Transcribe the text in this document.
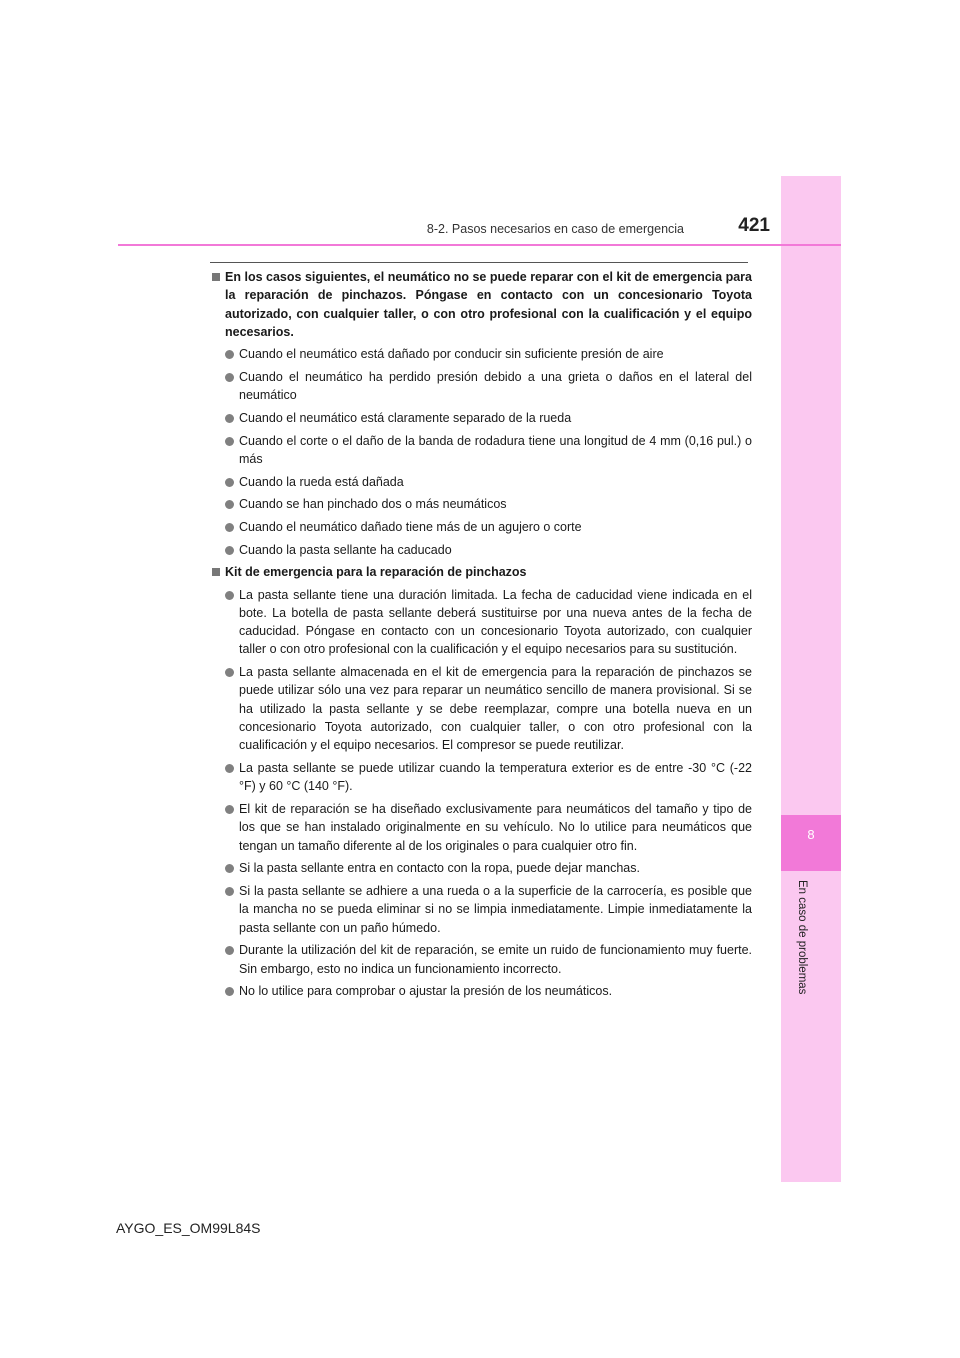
8
En caso de problemas
8-2. Pasos necesarios en caso de emergencia	421
En los casos siguientes, el neumático no se puede reparar con el kit de emergencia para la reparación de pinchazos. Póngase en contacto con un concesionario Toyota autorizado, con cualquier taller, o con otro profesional con la cualificación y el equipo necesarios.
Cuando el neumático está dañado por conducir sin suficiente presión de aire
Cuando el neumático ha perdido presión debido a una grieta o daños en el lateral del neumático
Cuando el neumático está claramente separado de la rueda
Cuando el corte o el daño de la banda de rodadura tiene una longitud de 4 mm (0,16 pul.) o más
Cuando la rueda está dañada
Cuando se han pinchado dos o más neumáticos
Cuando el neumático dañado tiene más de un agujero o corte
Cuando la pasta sellante ha caducado
Kit de emergencia para la reparación de pinchazos
La pasta sellante tiene una duración limitada. La fecha de caducidad viene indicada en el bote. La botella de pasta sellante deberá sustituirse por una nueva antes de la fecha de caducidad. Póngase en contacto con un concesionario Toyota autorizado, con cualquier taller o con otro profesional con la cualificación y el equipo necesarios para su sustitución.
La pasta sellante almacenada en el kit de emergencia para la reparación de pinchazos se puede utilizar sólo una vez para reparar un neumático sencillo de manera provisional. Si se ha utilizado la pasta sellante y se debe reemplazar, compre una botella nueva en un concesionario Toyota autorizado, con cualquier taller, o con otro profesional con la cualificación y el equipo necesarios. El compresor se puede reutilizar.
La pasta sellante se puede utilizar cuando la temperatura exterior es de entre -30 °C (-22 °F) y 60 °C (140 °F).
El kit de reparación se ha diseñado exclusivamente para neumáticos del tamaño y tipo de los que se han instalado originalmente en su vehículo. No lo utilice para neumáticos que tengan un tamaño diferente al de los originales o para cualquier otro fin.
Si la pasta sellante entra en contacto con la ropa, puede dejar manchas.
Si la pasta sellante se adhiere a una rueda o a la superficie de la carrocería, es posible que la mancha no se pueda eliminar si no se limpia inmediatamente. Limpie inmediatamente la pasta sellante con un paño húmedo.
Durante la utilización del kit de reparación, se emite un ruido de funcionamiento muy fuerte. Sin embargo, esto no indica un funcionamiento incorrecto.
No lo utilice para comprobar o ajustar la presión de los neumáticos.
AYGO_ES_OM99L84S
